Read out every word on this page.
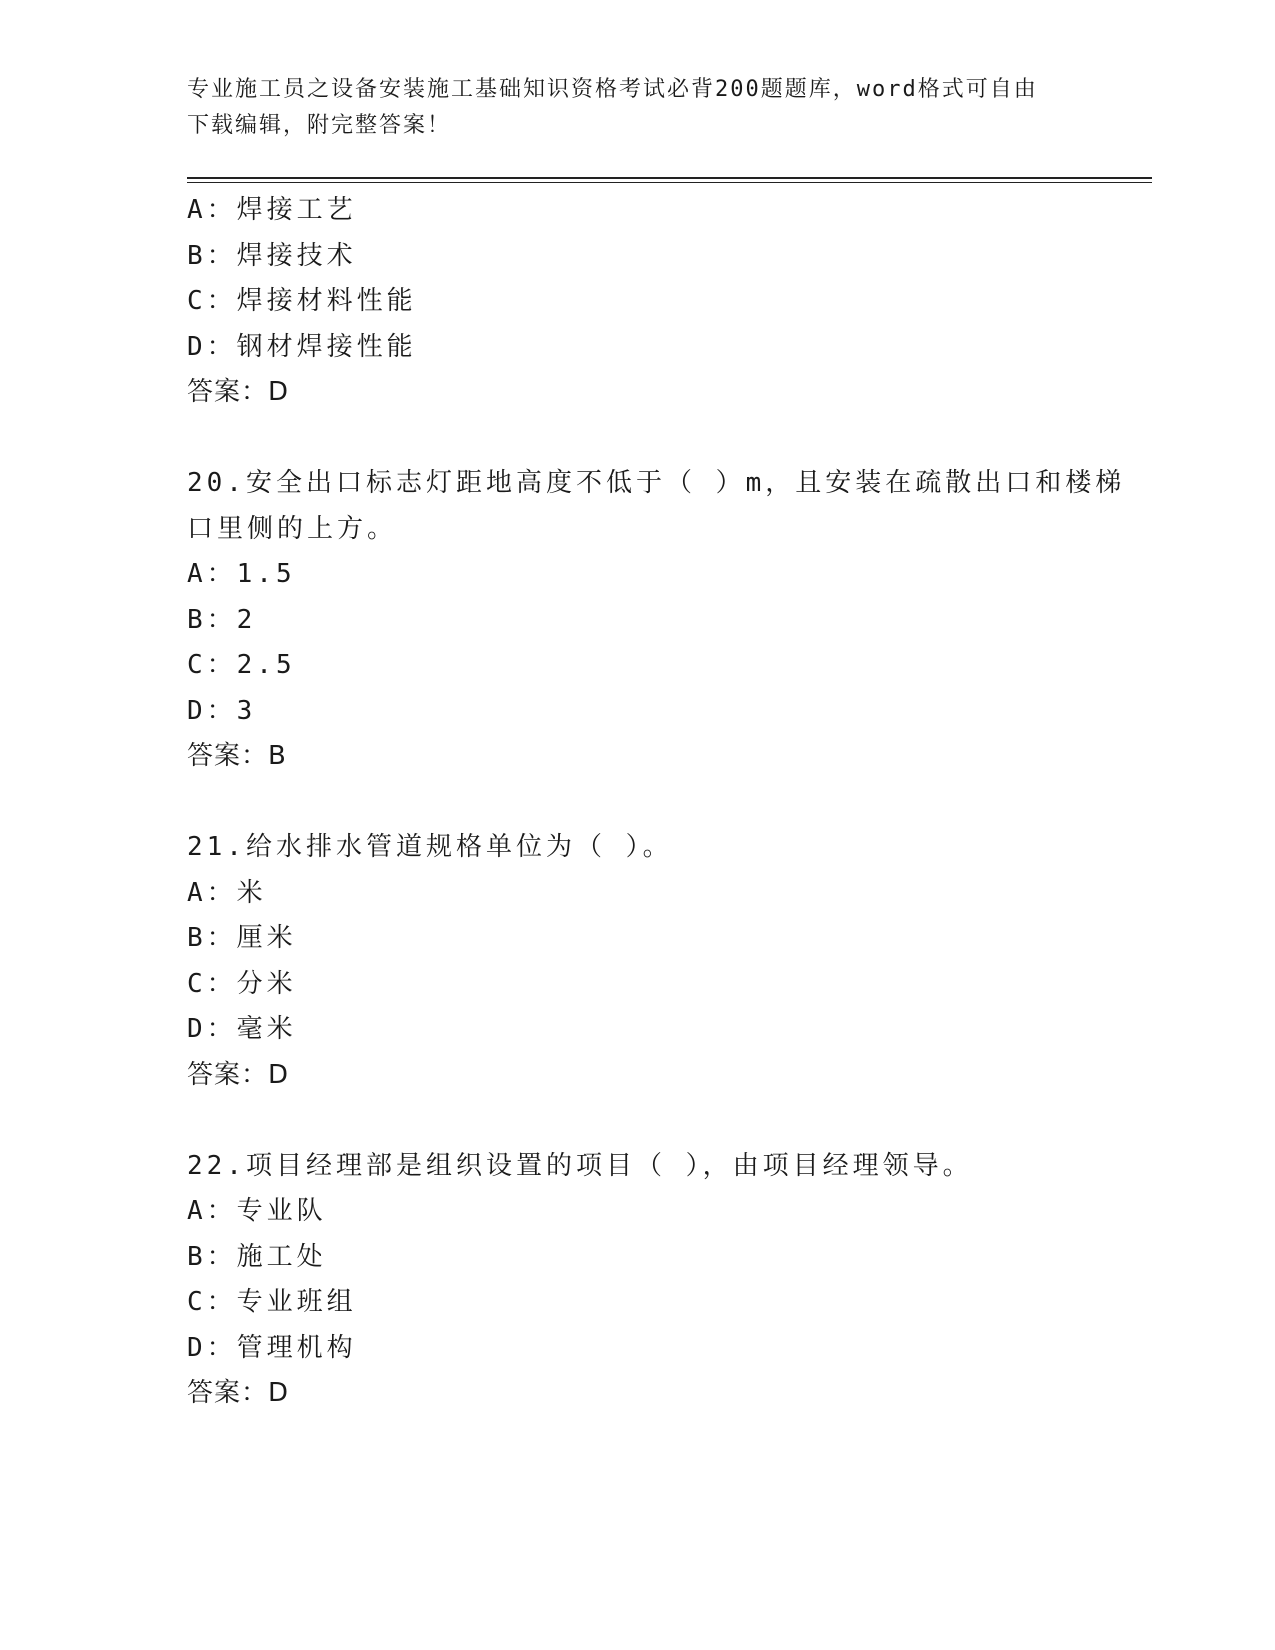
专业施工员之设备安装施工基础知识资格考试必背200题题库，word格式可自由
下载编辑，附完整答案！
A：焊接工艺
B：焊接技术
C：焊接材料性能
D：钢材焊接性能
答案：D
20.安全出口标志灯距地高度不低于（ ）m，且安装在疏散出口和楼梯
口里侧的上方。
A：1.5
B：2
C：2.5
D：3
答案：B
21.给水排水管道规格单位为（ ）。
A：米
B：厘米
C：分米
D：毫米
答案：D
22.项目经理部是组织设置的项目（ ），由项目经理领导。
A：专业队
B：施工处
C：专业班组
D：管理机构
答案：D
